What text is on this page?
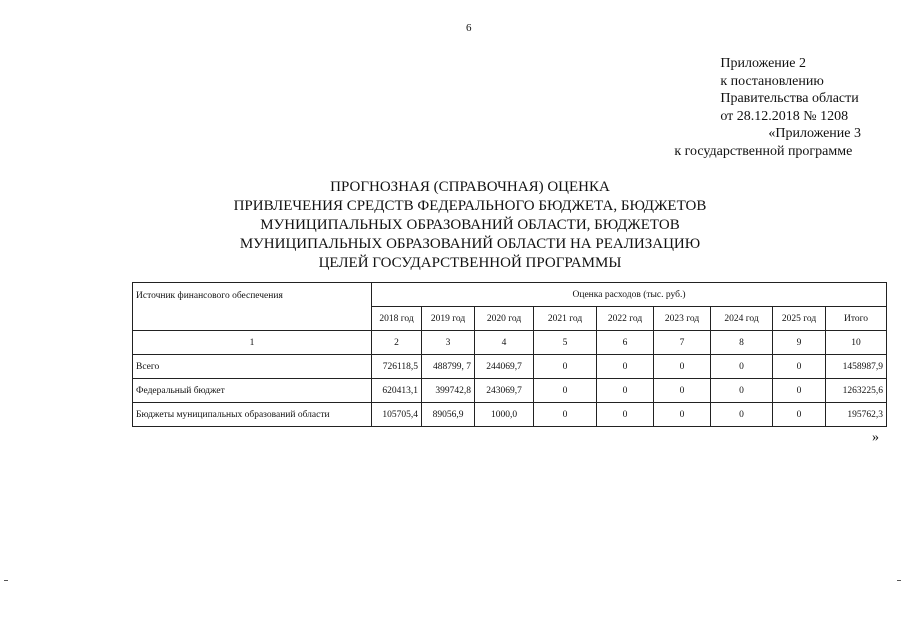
6
Приложение 2
к постановлению
Правительства области
от 28.12.2018 № 1208
«Приложение 3
к государственной программе
ПРОГНОЗНАЯ (СПРАВОЧНАЯ) ОЦЕНКА
ПРИВЛЕЧЕНИЯ СРЕДСТВ ФЕДЕРАЛЬНОГО БЮДЖЕТА, БЮДЖЕТОВ
МУНИЦИПАЛЬНЫХ ОБРАЗОВАНИЙ ОБЛАСТИ, БЮДЖЕТОВ
МУНИЦИПАЛЬНЫХ ОБРАЗОВАНИЙ ОБЛАСТИ НА РЕАЛИЗАЦИЮ
ЦЕЛЕЙ ГОСУДАРСТВЕННОЙ ПРОГРАММЫ
Источник финансового обеспечения	Оценка расходов (тыс. руб.)								
	2018 год	2019 год	2020 год	2021 год	2022 год	2023 год	2024 год	2025 год	Итого
1	2	3	4	5	6	7	8	9	10
Всего	726118,5	488799, 7	244069,7	0	0	0	0	0	1458987,9
Федеральный бюджет	620413,1	399742,8	243069,7	0	0	0	0	0	1263225,6
Бюджеты муниципальных образований области	105705,4	89056,9	1000,0	0	0	0	0	0	195762,3
»
